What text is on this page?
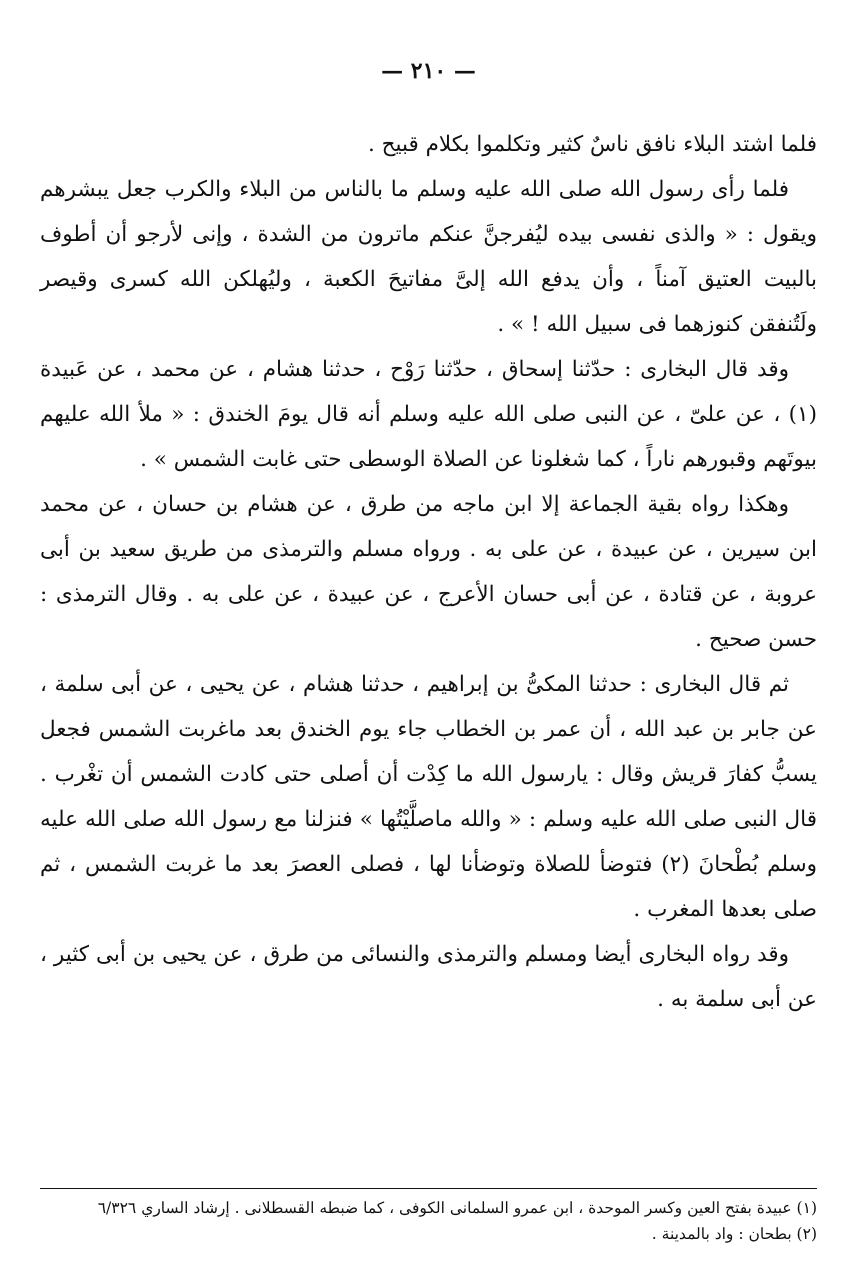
— ٢١٠ —

فلما اشتد البلاء نافق ناسٌ كثير وتكلموا بكلام قبيح .

فلما رأى رسول الله صلى الله عليه وسلم ما بالناس من البلاء والكرب جعل يبشرهم ويقول : « والذى نفسى بيده ليُفرجنَّ عنكم ماترون من الشدة ، وإنى لأرجو أن أطوف بالبيت العتيق آمناً ، وأن يدفع الله إلىَّ مفاتيحَ الكعبة ، وليُهلكن الله كسرى وقيصر ولَتُنفقن كنوزهما فى سبيل الله ! » .

وقد قال البخارى : حدّثنا إسحاق ، حدّثنا رَوْح ، حدثنا هشام ، عن محمد ، عن عَبيدة (١) ، عن علىّ ، عن النبى صلى الله عليه وسلم أنه قال يومَ الخندق : « ملأ الله عليهم بيوتَهم وقبورهم ناراً ، كما شغلونا عن الصلاة الوسطى حتى غابت الشمس » .

وهكذا رواه بقية الجماعة إلا ابن ماجه من طرق ، عن هشام بن حسان ، عن محمد ابن سيرين ، عن عبيدة ، عن على به . ورواه مسلم والترمذى من طريق سعيد بن أبى عروبة ، عن قتادة ، عن أبى حسان الأعرج ، عن عبيدة ، عن على به . وقال الترمذى : حسن صحيح .

ثم قال البخارى : حدثنا المكىُّ بن إبراهيم ، حدثنا هشام ، عن يحيى ، عن أبى سلمة ، عن جابر بن عبد الله ، أن عمر بن الخطاب جاء يوم الخندق بعد ماغربت الشمس فجعل يسبُّ كفارَ قريش وقال : يارسول الله ما كِدْت أن أصلى حتى كادت الشمس أن تغْرب . قال النبى صلى الله عليه وسلم : « والله ماصلَّيْتُها » فنزلنا مع رسول الله صلى الله عليه وسلم بُطْحانَ (٢) فتوضأ للصلاة وتوضأنا لها ، فصلى العصرَ بعد ما غربت الشمس ، ثم صلى بعدها المغرب .

وقد رواه البخارى أيضا ومسلم والترمذى والنسائى من طرق ، عن يحيى بن أبى كثير ، عن أبى سلمة به .

(١) عبيدة بفتح العين وكسر الموحدة ، ابن عمرو السلمانى الكوفى ، كما ضبطه القسطلانى . إرشاد الساري ٦/٣٢٦

(٢) بطحان : واد بالمدينة .
